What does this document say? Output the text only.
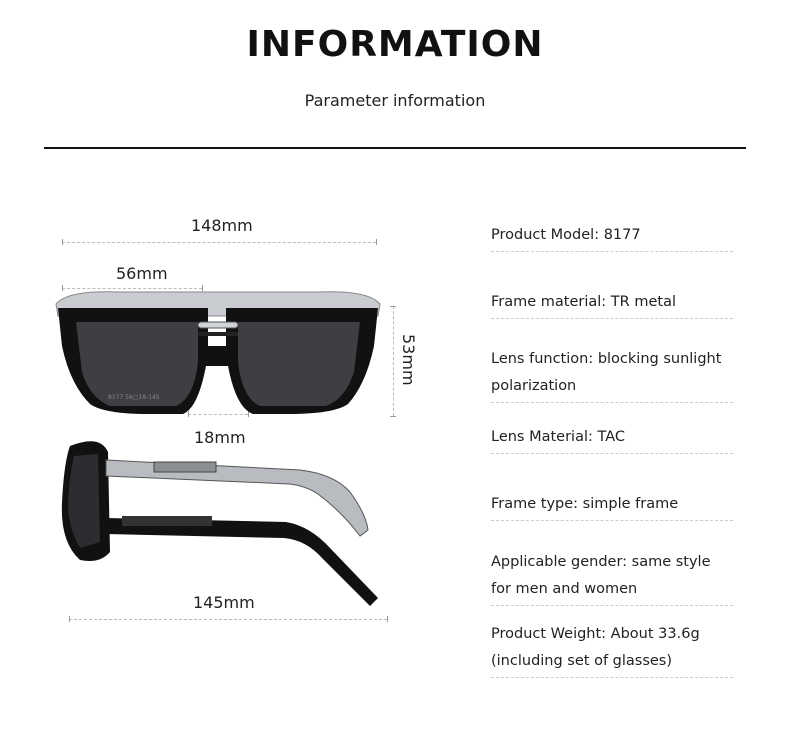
INFORMATION
Parameter information
148mm
56mm
53mm
18mm
8177 56□18-145
145mm
Product Model: 8177
Frame material: TR metal
Lens function: blocking sunlight polarization
Lens Material: TAC
Frame type: simple frame
Applicable gender: same style for men and women
Product Weight: About 33.6g (including set of glasses)
